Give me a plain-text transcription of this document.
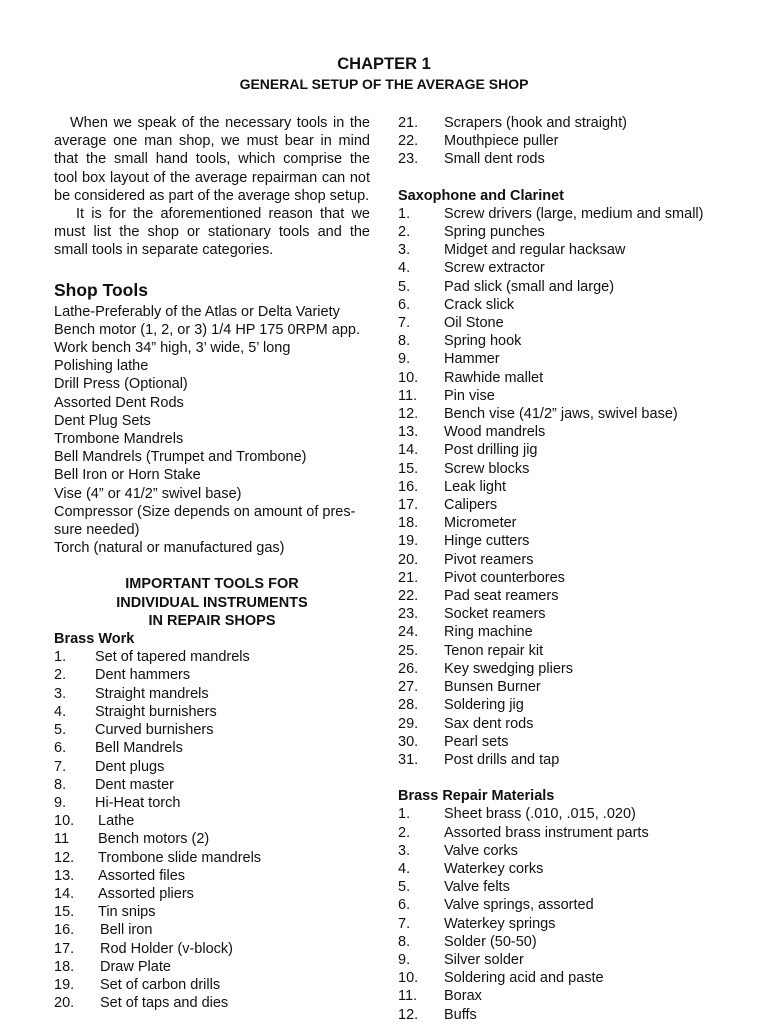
CHAPTER 1
GENERAL SETUP OF THE AVERAGE SHOP

When we speak of the necessary tools in the average one man shop, we must bear in mind that the small hand tools, which comprise the tool box layout of the average repairman can not be considered as part of the average shop setup.

It is for the aforementioned reason that we must list the shop or stationary tools and the small tools in separate categories.

Shop Tools
Lathe-Preferably of the Atlas or Delta Variety
Bench motor (1, 2, or 3) 1/4 HP 175 0RPM app.
Work bench 34” high, 3’ wide, 5’ long
Polishing lathe
Drill Press (Optional)
Assorted Dent Rods
Dent Plug Sets
Trombone Mandrels
Bell Mandrels (Trumpet and Trombone)
Bell Iron or Horn Stake
Vise (4” or 41/2” swivel base)
Compressor (Size depends on amount of pres-
sure needed)
Torch (natural or manufactured gas)
IMPORTANT TOOLS FOR
INDIVIDUAL INSTRUMENTS
IN REPAIR SHOPS
Brass Work
1.	Set of tapered mandrels
2.	Dent hammers
3.	Straight mandrels
4.	Straight burnishers
5.	Curved burnishers
6.	Bell Mandrels
7.	Dent plugs
8.	Dent master
9.	Hi-Heat torch
10.	Lathe
11	Bench motors (2)
12.	Trombone slide mandrels
13.	Assorted files
14.	Assorted pliers
15.	Tin snips
16.	Bell iron
17.	Rod Holder (v-block)
18.	Draw Plate
19.	Set of carbon drills
20.	Set of taps and dies
21.	Scrapers (hook and straight)
22.	Mouthpiece puller
23.	Small dent rods
Saxophone and Clarinet
1.	Screw drivers (large, medium and small)
2.	Spring punches
3.	Midget and regular hacksaw
4.	Screw extractor
5.	Pad slick (small and large)
6.	Crack slick
7.	Oil Stone
8.	Spring hook
9.	Hammer
10.	Rawhide mallet
11.	Pin vise
12.	Bench vise (41/2” jaws, swivel base)
13.	Wood mandrels
14.	Post drilling jig
15.	Screw blocks
16.	Leak light
17.	Calipers
18.	Micrometer
19.	Hinge cutters
20.	Pivot reamers
21.	Pivot counterbores
22.	Pad seat reamers
23.	Socket reamers
24.	Ring machine
25.	Tenon repair kit
26.	Key swedging pliers
27.	Bunsen Burner
28.	Soldering jig
29.	Sax dent rods
30.	Pearl sets
31.	Post drills and tap
Brass Repair Materials
1.	Sheet brass (.010, .015, .020)
2.	Assorted brass instrument parts
3.	Valve corks
4.	Waterkey corks
5.	Valve felts
6.	Valve springs, assorted
7.	Waterkey springs
8.	Solder (50-50)
9.	Silver solder
10.	Soldering acid and paste
11.	Borax
12.	Buffs
